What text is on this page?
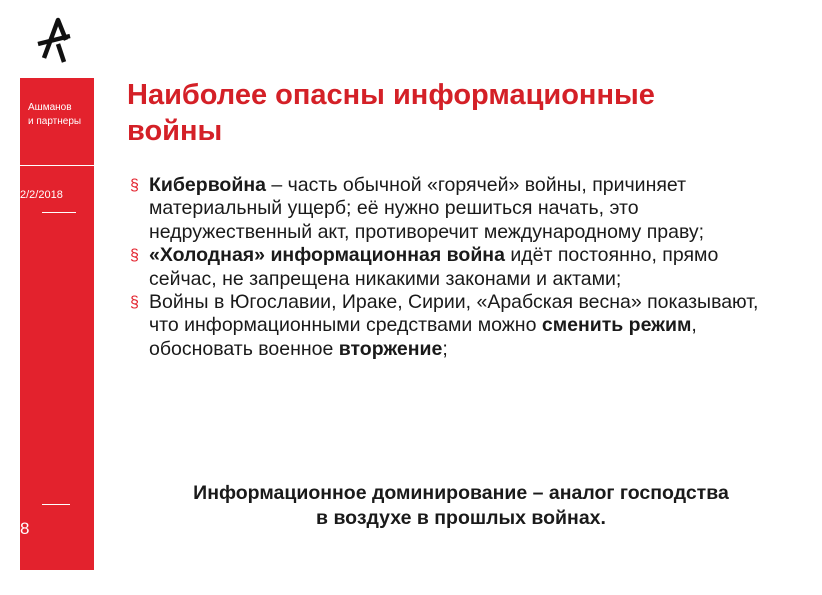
Ашманов
и партнеры
2/2/2018
8
Наиболее опасны информационные
войны
§ Кибервойна – часть обычной «горячей» войны, причиняет материальный ущерб; её нужно решиться начать, это недружественный акт, противоречит международному праву;
§ «Холодная» информационная война идёт постоянно, прямо сейчас, не запрещена никакими законами и актами;
§ Войны в Югославии, Ираке, Сирии, «Арабская весна» показывают, что информационными средствами можно сменить режим, обосновать военное вторжение;

Информационное доминирование – аналог господства
в воздухе в прошлых войнах.
